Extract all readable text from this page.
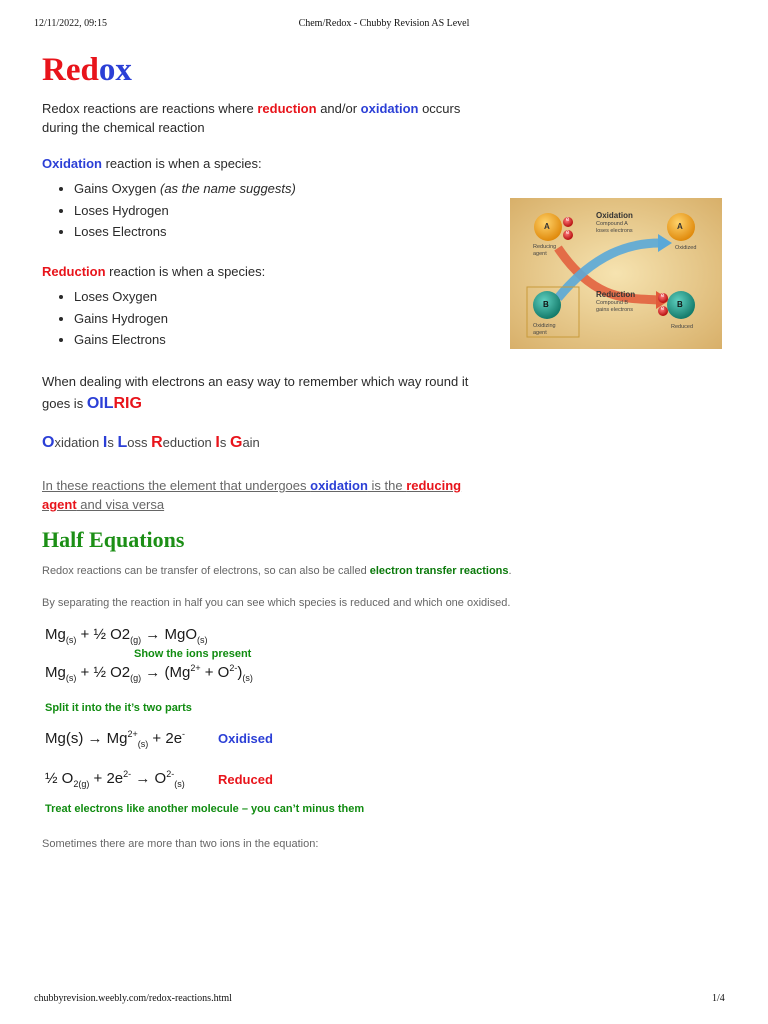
12/11/2022, 09:15	Chem/Redox - Chubby Revision AS Level
Redox
Redox reactions are reactions where reduction and/or oxidation occurs
during the chemical reaction
Oxidation reaction is when a species:
• Gains Oxygen (as the name suggests)
• Loses Hydrogen
• Loses Electrons
Reduction reaction is when a species:
• Loses Oxygen
• Gains Hydrogen
• Gains Electrons
A	A
B	B
e
e
e
e
Oxidation
Compound A
loses electrons
Reduction
Compound B
gains electrons
Reducing
agent
Oxidized
Oxidizing
agent
Reduced
When dealing with electrons an easy way to remember which way round it
goes is OILRIG
Oxidation Is Loss Reduction Is Gain
In these reactions the element that undergoes oxidation is the reducing
agent and visa versa
Half Equations
Redox reactions can be transfer of electrons, so can also be called electron transfer reactions.
By separating the reaction in half you can see which species is reduced and which one oxidised.
$Mg_{(s)}$ + ½ $O2_{(g)} \to MgO_{(s)}$
Show the ions present
$Mg_{(s)}$ + ½ $O2_{(g)} \to (Mg^{2+} + O^{2-})_{(s)}$
Split it into the it’s two parts
$Mg(s) \to Mg^{2+}_{(s)} + 2e^-$	Oxidised
½ $O_{2(g)} + 2e^{2-} \to O^{2-}_{(s)}$	Reduced
Treat electrons like another molecule – you can’t minus them
Sometimes there are more than two ions in the equation:
chubbyrevision.weebly.com/redox-reactions.html	1/4
